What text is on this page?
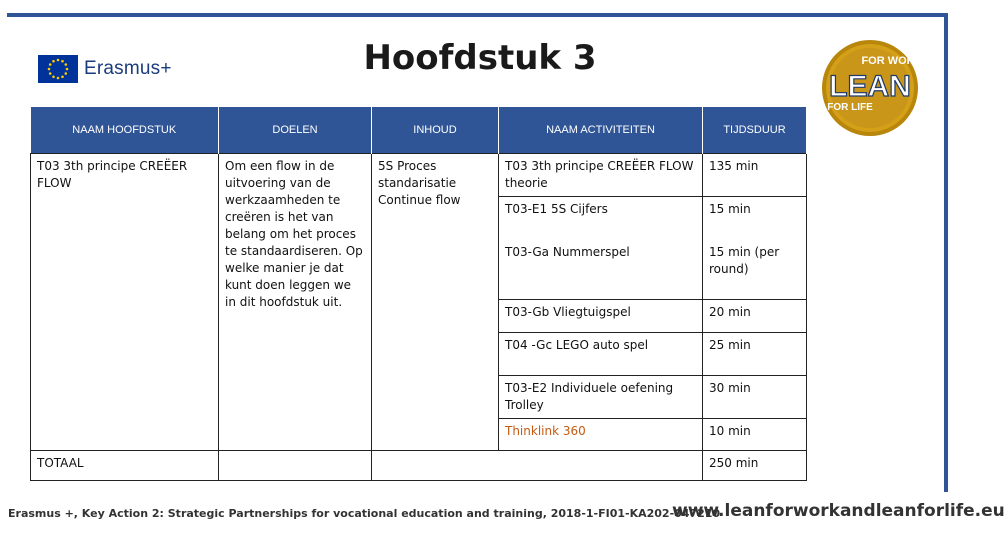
Erasmus+	Hoofdstuk 3	FOR WORK
LEAN
FOR LIFE
NAAM HOOFDSTUK	DOELEN	INHOUD	NAAM ACTIVITEITEN	TIJDSDUUR
T03 3th principe CREËER FLOW	Om een flow in de uitvoering van de werkzaamheden te creëren is het van belang om het proces te standaardiseren. Op welke manier je dat kunt doen leggen we in dit hoofdstuk uit.	5S Proces standarisatie Continue flow	T03 3th principe CREËER FLOW theorie	135 min
			T03-E1 5S Cijfers	15 min
			T03-Ga Nummerspel	15 min (per round)
			T03-Gb Vliegtuigspel	20 min
			T04 -Gc LEGO auto spel	25 min
			T03-E2 Individuele oefening Trolley	30 min
			Thinklink 360	10 min
TOTAAL				250 min
Erasmus +, Key Action 2: Strategic Partnerships for vocational education and training, 2018-1-FI01-KA202-047210
www.leanforworkandleanforlife.eu
